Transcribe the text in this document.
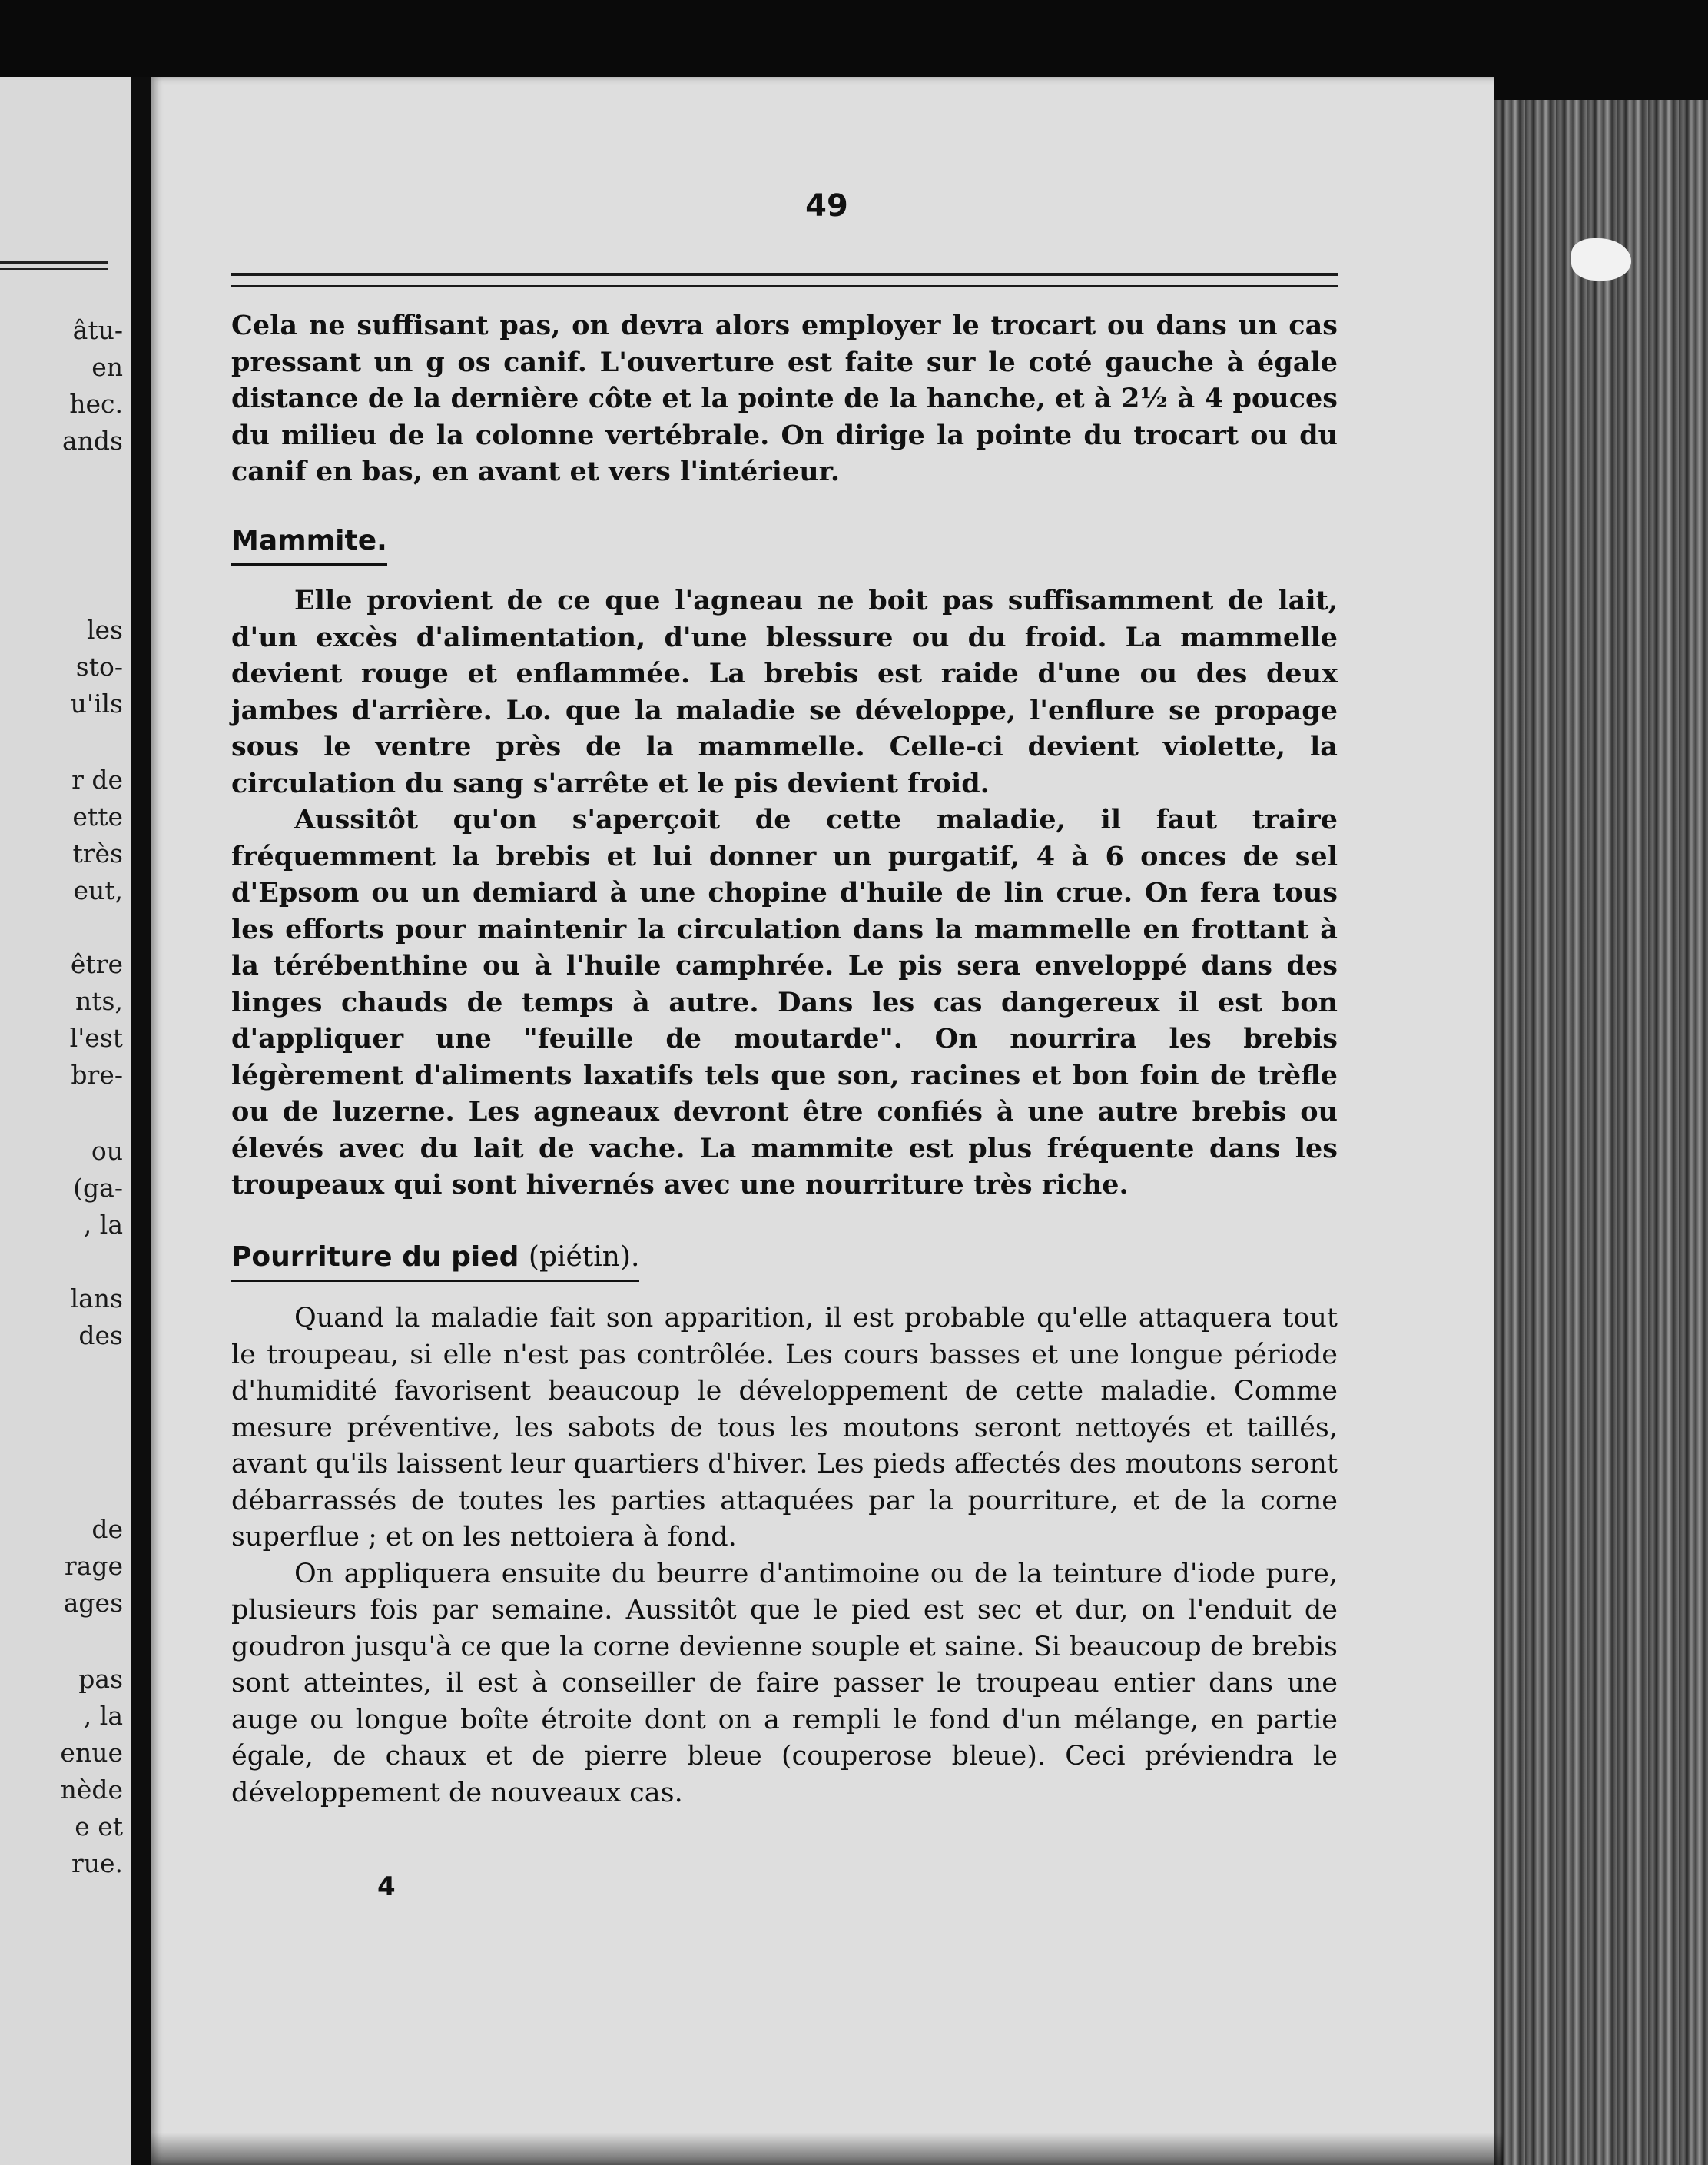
âtu-
en
hec.
ands
les
sto-
u'ils
r de
ette
très
eut,
être
nts,
l'est
bre-
ou
(ga-
, la
lans
des
de
rage
ages
pas
, la
enue
nède
e et
rue.
49

Cela ne suffisant pas, on devra alors employer le trocart ou dans un cas pressant un g os canif. L'ouverture est faite sur le coté gauche à égale distance de la dernière côte et la pointe de la hanche, et à 2½ à 4 pouces du milieu de la colonne vertébrale. On dirige la pointe du trocart ou du canif en bas, en avant et vers l'intérieur.

Mammite.

Elle provient de ce que l'agneau ne boit pas suffisamment de lait, d'un excès d'alimentation, d'une blessure ou du froid. La mammelle devient rouge et enflammée. La brebis est raide d'une ou des deux jambes d'arrière. Lo. que la maladie se développe, l'enflure se propage sous le ventre près de la mammelle. Celle-ci devient violette, la circulation du sang s'arrête et le pis devient froid.

Aussitôt qu'on s'aperçoit de cette maladie, il faut traire fréquemment la brebis et lui donner un purgatif, 4 à 6 onces de sel d'Epsom ou un demiard à une chopine d'huile de lin crue. On fera tous les efforts pour maintenir la circulation dans la mammelle en frottant à la térébenthine ou à l'huile camphrée. Le pis sera enveloppé dans des linges chauds de temps à autre. Dans les cas dangereux il est bon d'appliquer une "feuille de moutarde". On nourrira les brebis légèrement d'aliments laxatifs tels que son, racines et bon foin de trèfle ou de luzerne. Les agneaux devront être confiés à une autre brebis ou élevés avec du lait de vache. La mammite est plus fréquente dans les troupeaux qui sont hivernés avec une nourriture très riche.

Pourriture du pied (piétin).

Quand la maladie fait son apparition, il est probable qu'elle attaquera tout le troupeau, si elle n'est pas contrôlée. Les cours basses et une longue période d'humidité favorisent beaucoup le développement de cette maladie. Comme mesure préventive, les sabots de tous les moutons seront nettoyés et taillés, avant qu'ils laissent leur quartiers d'hiver. Les pieds affectés des moutons seront débarrassés de toutes les parties attaquées par la pourriture, et de la corne superflue ; et on les nettoiera à fond.

On appliquera ensuite du beurre d'antimoine ou de la teinture d'iode pure, plusieurs fois par semaine. Aussitôt que le pied est sec et dur, on l'enduit de goudron jusqu'à ce que la corne devienne souple et saine. Si beaucoup de brebis sont atteintes, il est à conseiller de faire passer le troupeau entier dans une auge ou longue boîte étroite dont on a rempli le fond d'un mélange, en partie égale, de chaux et de pierre bleue (couperose bleue). Ceci préviendra le développement de nouveaux cas.

4
